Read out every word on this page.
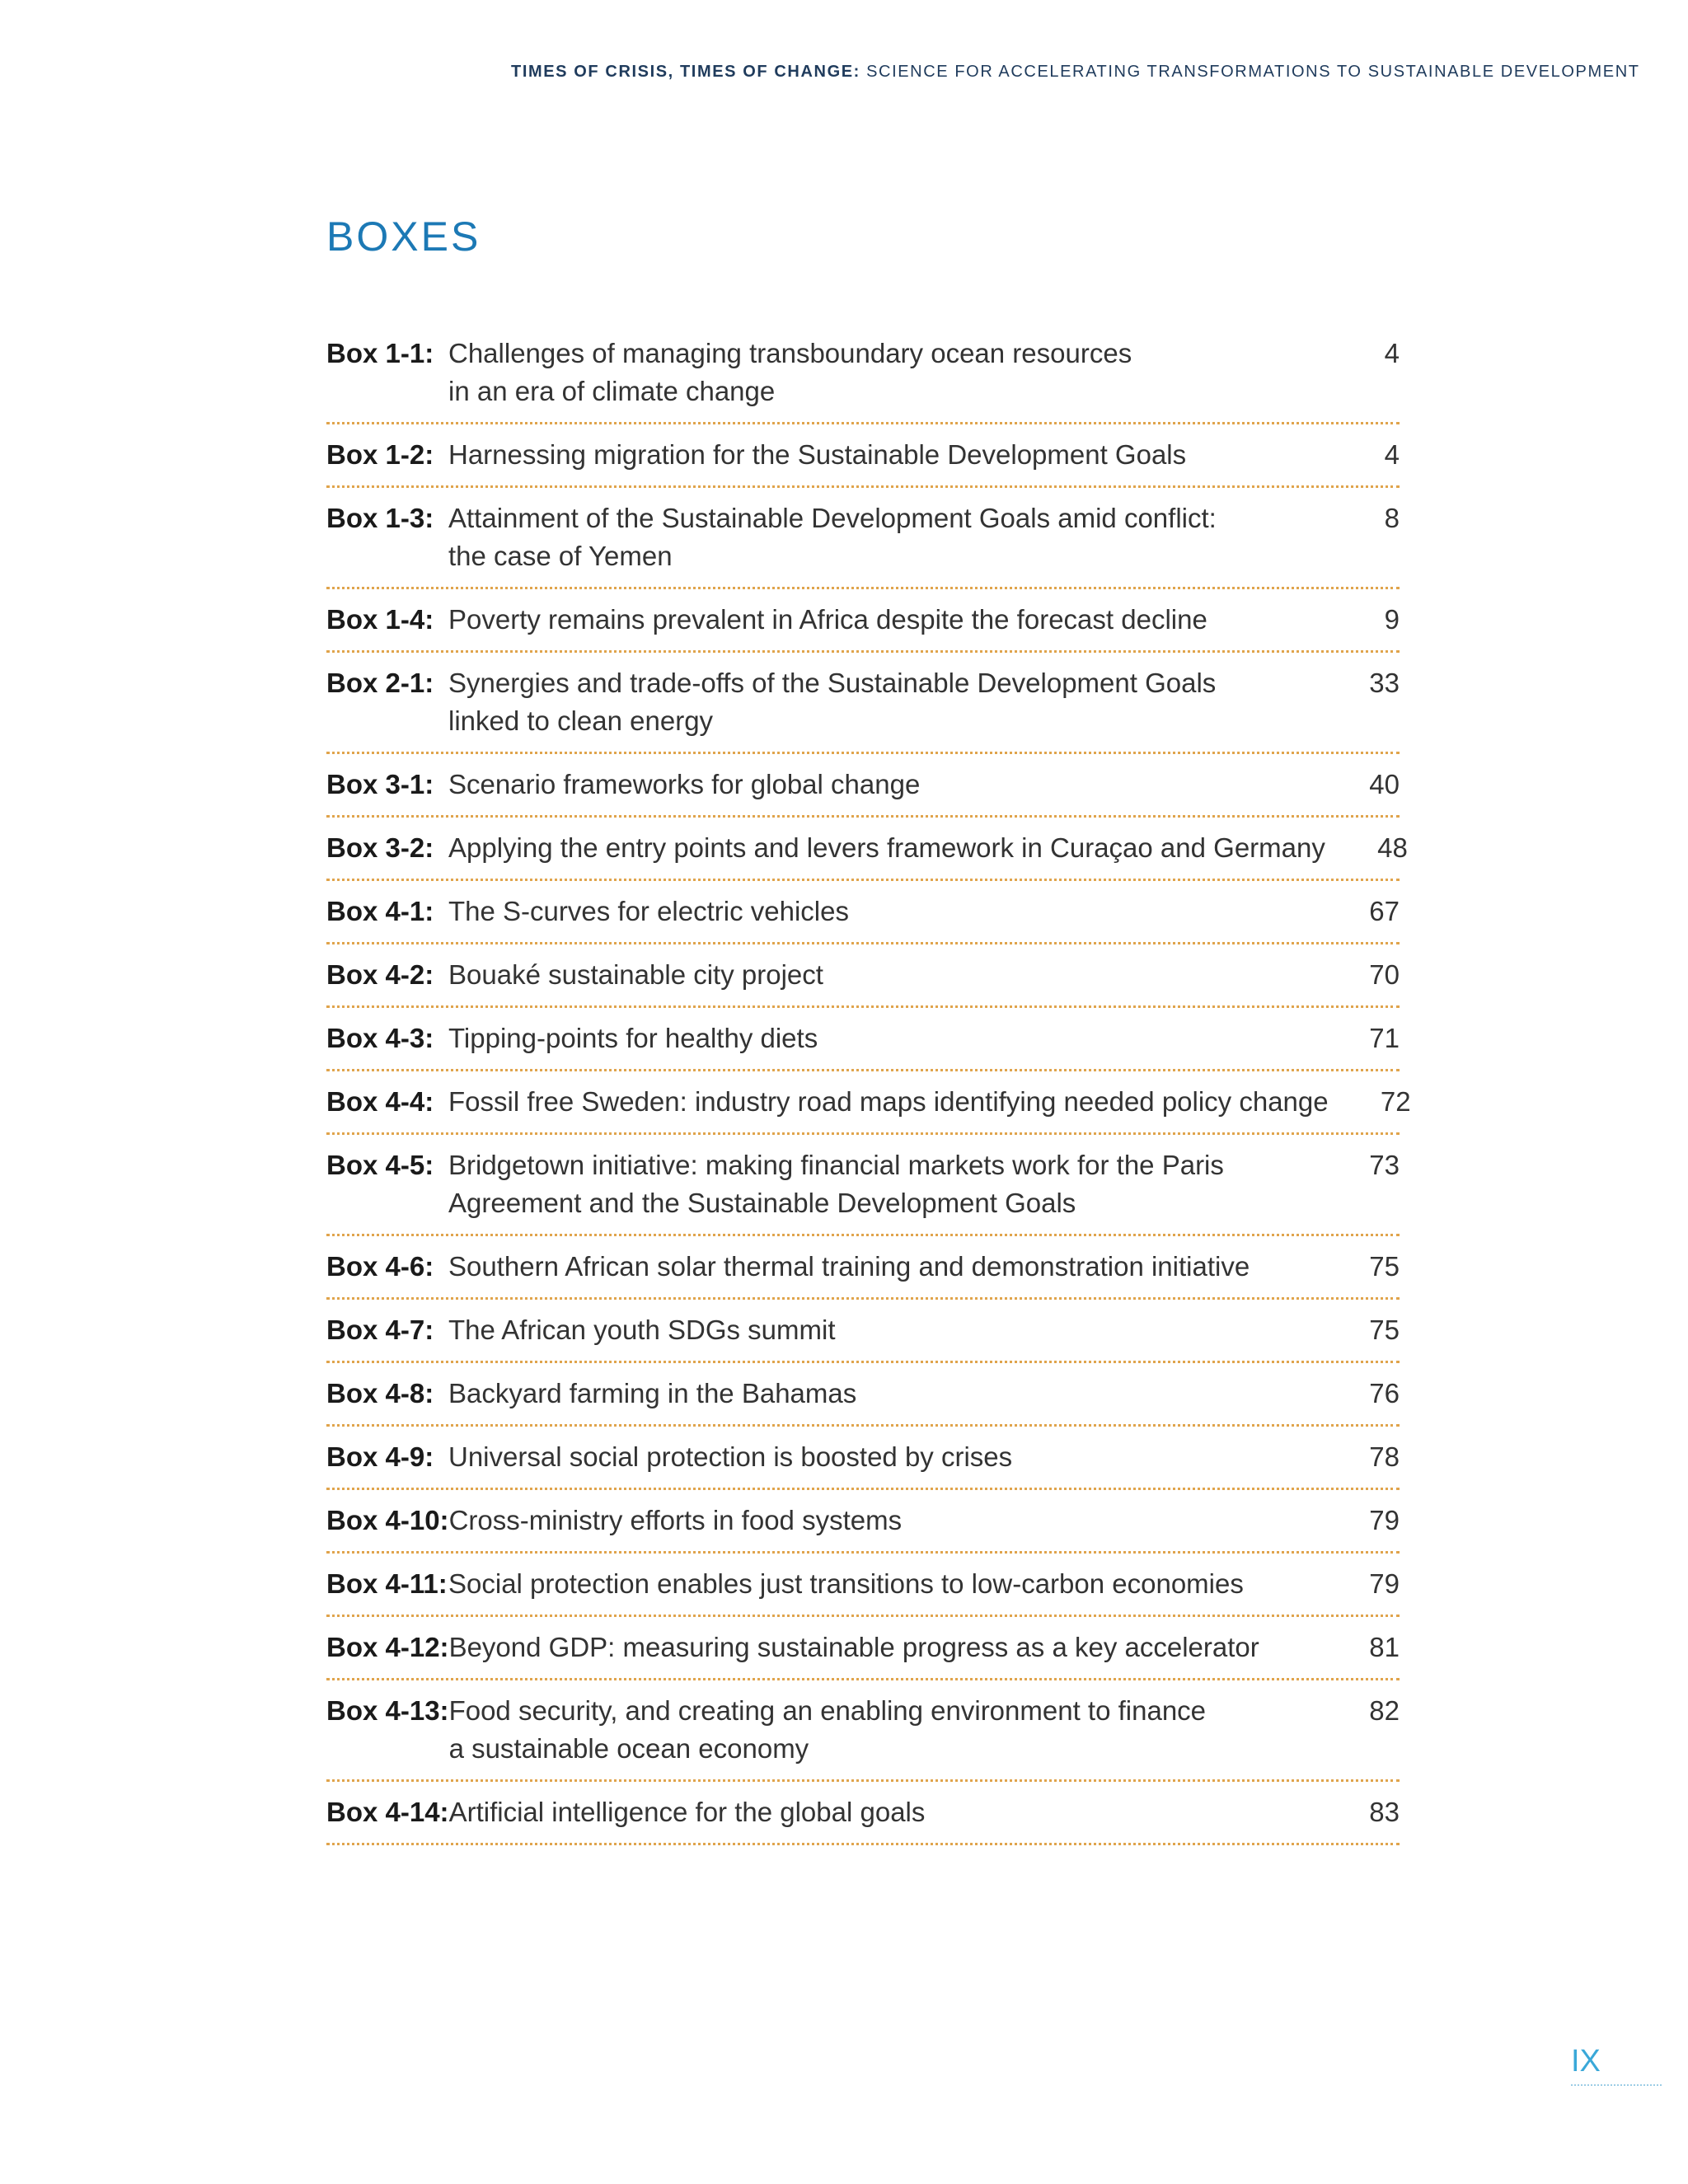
TIMES OF CRISIS, TIMES OF CHANGE: SCIENCE FOR ACCELERATING TRANSFORMATIONS TO SUSTAINABLE DEVELOPMENT
BOXES
Box 1-1: Challenges of managing transboundary ocean resources
in an era of climate change
4
Box 1-2: Harnessing migration for the Sustainable Development Goals	4
Box 1-3: Attainment of the Sustainable Development Goals amid conflict:
the case of Yemen
8
Box 1-4: Poverty remains prevalent in Africa despite the forecast decline	9
Box 2-1: Synergies and trade-offs of the Sustainable Development Goals
linked to clean energy
33
Box 3-1: Scenario frameworks for global change	40
Box 3-2: Applying the entry points and levers framework in Curaçao and Germany	48
Box 4-1: The S-curves for electric vehicles	67
Box 4-2: Bouaké sustainable city project	70
Box 4-3: Tipping-points for healthy diets	71
Box 4-4: Fossil free Sweden: industry road maps identifying needed policy change	72
Box 4-5: Bridgetown initiative: making financial markets work for the Paris
Agreement and the Sustainable Development Goals
73
Box 4-6: Southern African solar thermal training and demonstration initiative	75
Box 4-7: The African youth SDGs summit	75
Box 4-8: Backyard farming in the Bahamas	76
Box 4-9: Universal social protection is boosted by crises	78
Box 4-10: Cross-ministry efforts in food systems	79
Box 4-11: Social protection enables just transitions to low-carbon economies	79
Box 4-12: Beyond GDP: measuring sustainable progress as a key accelerator	81
Box 4-13: Food security, and creating an enabling environment to finance
a sustainable ocean economy
82
Box 4-14: Artificial intelligence for the global goals	83
IX
